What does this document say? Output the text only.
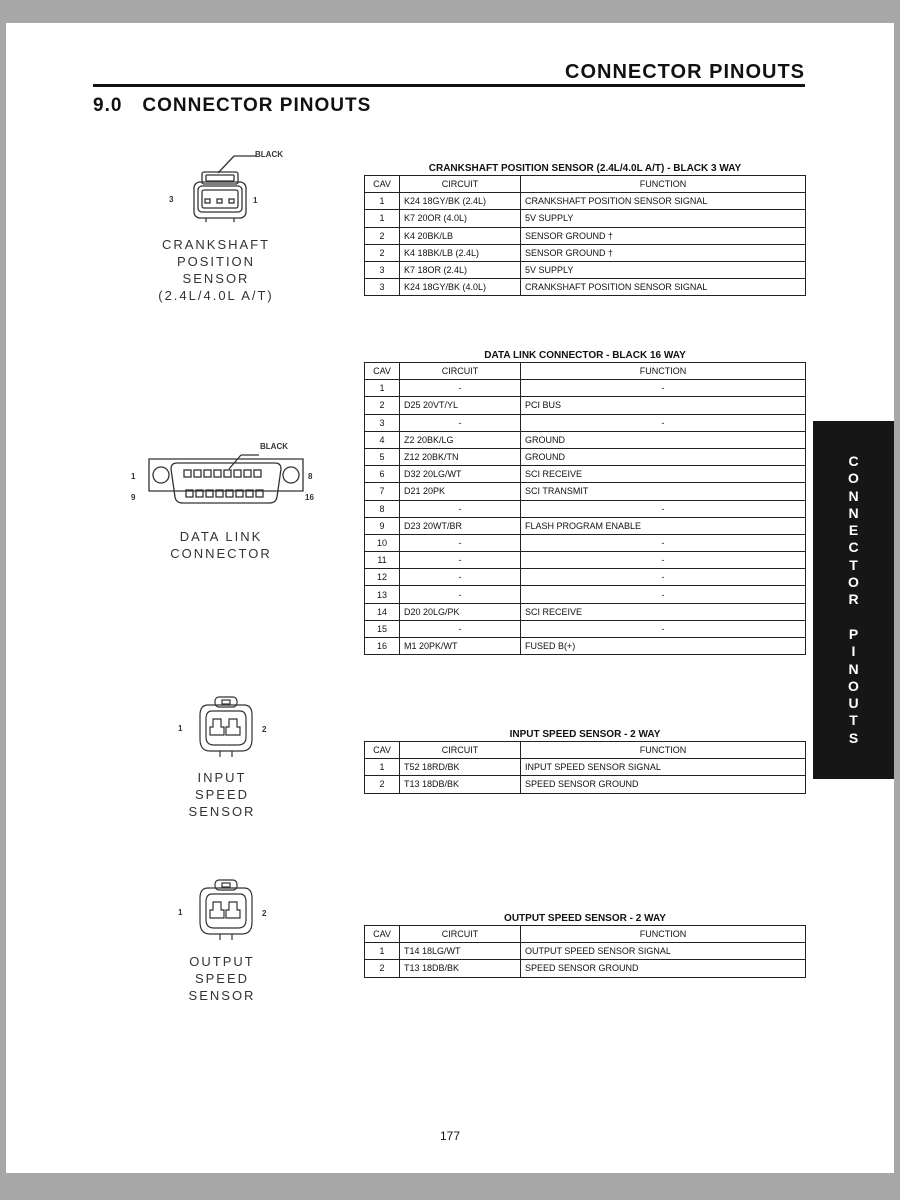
CONNECTOR PINOUTS
9.0 CONNECTOR PINOUTS
BLACK
3	1
CRANKSHAFT
POSITION
SENSOR
(2.4L/4.0L A/T)
CRANKSHAFT POSITION SENSOR (2.4L/4.0L A/T) - BLACK 3 WAY
CAV	CIRCUIT	FUNCTION
1	K24 18GY/BK (2.4L)	CRANKSHAFT POSITION SENSOR SIGNAL
1	K7 20OR (4.0L)	5V SUPPLY
2	K4 20BK/LB	SENSOR GROUND †
2	K4 18BK/LB (2.4L)	SENSOR GROUND †
3	K7 18OR (2.4L)	5V SUPPLY
3	K24 18GY/BK (4.0L)	CRANKSHAFT POSITION SENSOR SIGNAL
BLACK
1	8
9	16
DATA LINK
CONNECTOR
DATA LINK CONNECTOR - BLACK 16 WAY
CAV	CIRCUIT	FUNCTION
1	-	-
2	D25 20VT/YL	PCI BUS
3	-	-
4	Z2 20BK/LG	GROUND
5	Z12 20BK/TN	GROUND
6	D32 20LG/WT	SCI RECEIVE
7	D21 20PK	SCI TRANSMIT
8	-	-
9	D23 20WT/BR	FLASH PROGRAM ENABLE
10	-	-
11	-	-
12	-	-
13	-	-
14	D20 20LG/PK	SCI RECEIVE
15	-	-
16	M1 20PK/WT	FUSED B(+)
1	2
INPUT
SPEED
SENSOR
INPUT SPEED SENSOR - 2 WAY
CAV	CIRCUIT	FUNCTION
1	T52 18RD/BK	INPUT SPEED SENSOR SIGNAL
2	T13 18DB/BK	SPEED SENSOR GROUND
1	2
OUTPUT
SPEED
SENSOR
OUTPUT SPEED SENSOR - 2 WAY
CAV	CIRCUIT	FUNCTION
1	T14 18LG/WT	OUTPUT SPEED SENSOR SIGNAL
2	T13 18DB/BK	SPEED SENSOR GROUND
C
O
N
N
E
C
T
O
R
P
I
N
O
U
T
S
177
